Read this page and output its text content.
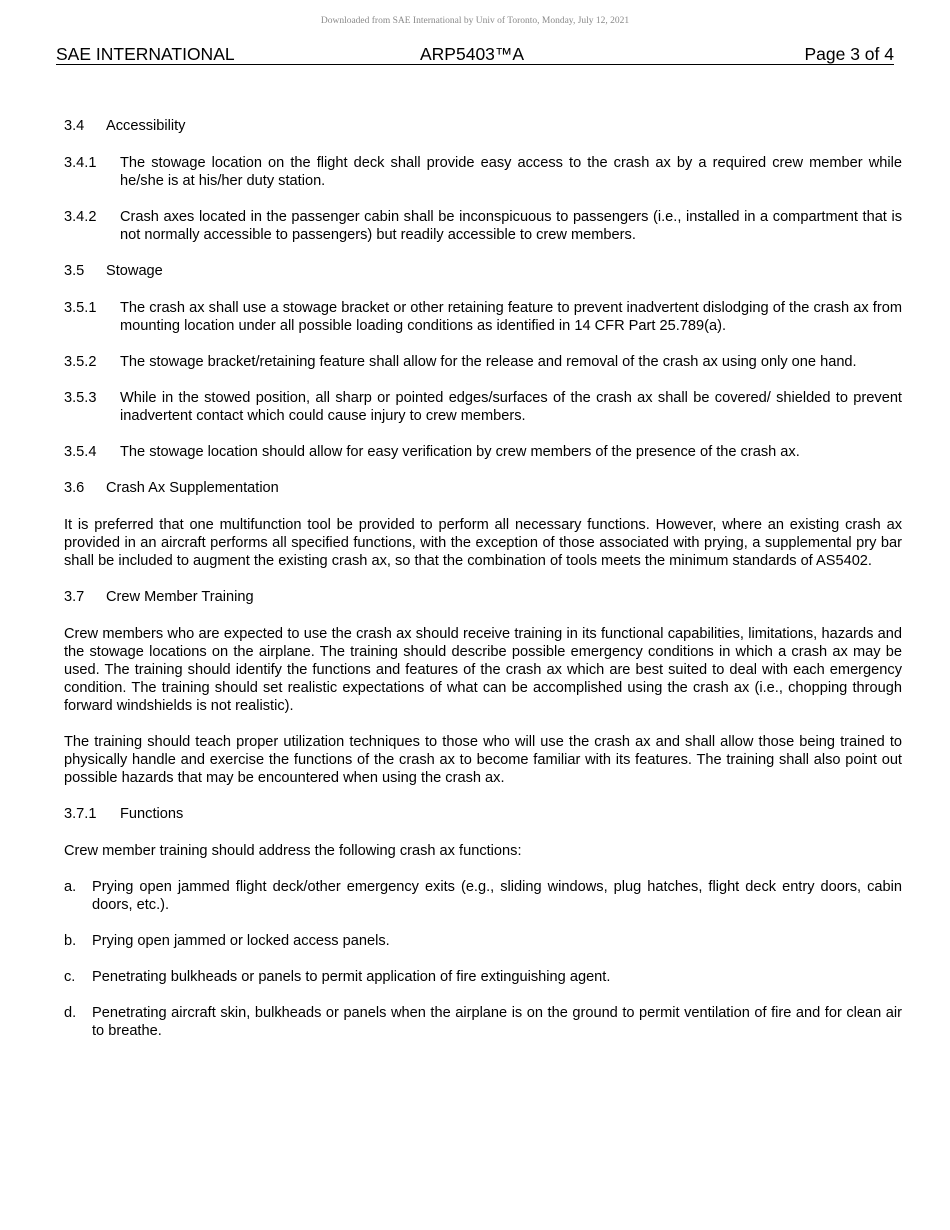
Downloaded from SAE International by Univ of Toronto, Monday, July 12, 2021
SAE INTERNATIONAL	ARP5403™A	Page 3 of 4
3.4 Accessibility
3.4.1 The stowage location on the flight deck shall provide easy access to the crash ax by a required crew member while he/she is at his/her duty station.
3.4.2 Crash axes located in the passenger cabin shall be inconspicuous to passengers (i.e., installed in a compartment that is not normally accessible to passengers) but readily accessible to crew members.
3.5 Stowage
3.5.1 The crash ax shall use a stowage bracket or other retaining feature to prevent inadvertent dislodging of the crash ax from mounting location under all possible loading conditions as identified in 14 CFR Part 25.789(a).
3.5.2 The stowage bracket/retaining feature shall allow for the release and removal of the crash ax using only one hand.
3.5.3 While in the stowed position, all sharp or pointed edges/surfaces of the crash ax shall be covered/ shielded to prevent inadvertent contact which could cause injury to crew members.
3.5.4 The stowage location should allow for easy verification by crew members of the presence of the crash ax.
3.6 Crash Ax Supplementation
It is preferred that one multifunction tool be provided to perform all necessary functions. However, where an existing crash ax provided in an aircraft performs all specified functions, with the exception of those associated with prying, a supplemental pry bar shall be included to augment the existing crash ax, so that the combination of tools meets the minimum standards of AS5402.
3.7 Crew Member Training
Crew members who are expected to use the crash ax should receive training in its functional capabilities, limitations, hazards and the stowage locations on the airplane. The training should describe possible emergency conditions in which a crash ax may be used. The training should identify the functions and features of the crash ax which are best suited to deal with each emergency condition. The training should set realistic expectations of what can be accomplished using the crash ax (i.e., chopping through forward windshields is not realistic).
The training should teach proper utilization techniques to those who will use the crash ax and shall allow those being trained to physically handle and exercise the functions of the crash ax to become familiar with its features. The training shall also point out possible hazards that may be encountered when using the crash ax.
3.7.1 Functions
Crew member training should address the following crash ax functions:
a. Prying open jammed flight deck/other emergency exits (e.g., sliding windows, plug hatches, flight deck entry doors, cabin doors, etc.).
b. Prying open jammed or locked access panels.
c. Penetrating bulkheads or panels to permit application of fire extinguishing agent.
d. Penetrating aircraft skin, bulkheads or panels when the airplane is on the ground to permit ventilation of fire and for clean air to breathe.
